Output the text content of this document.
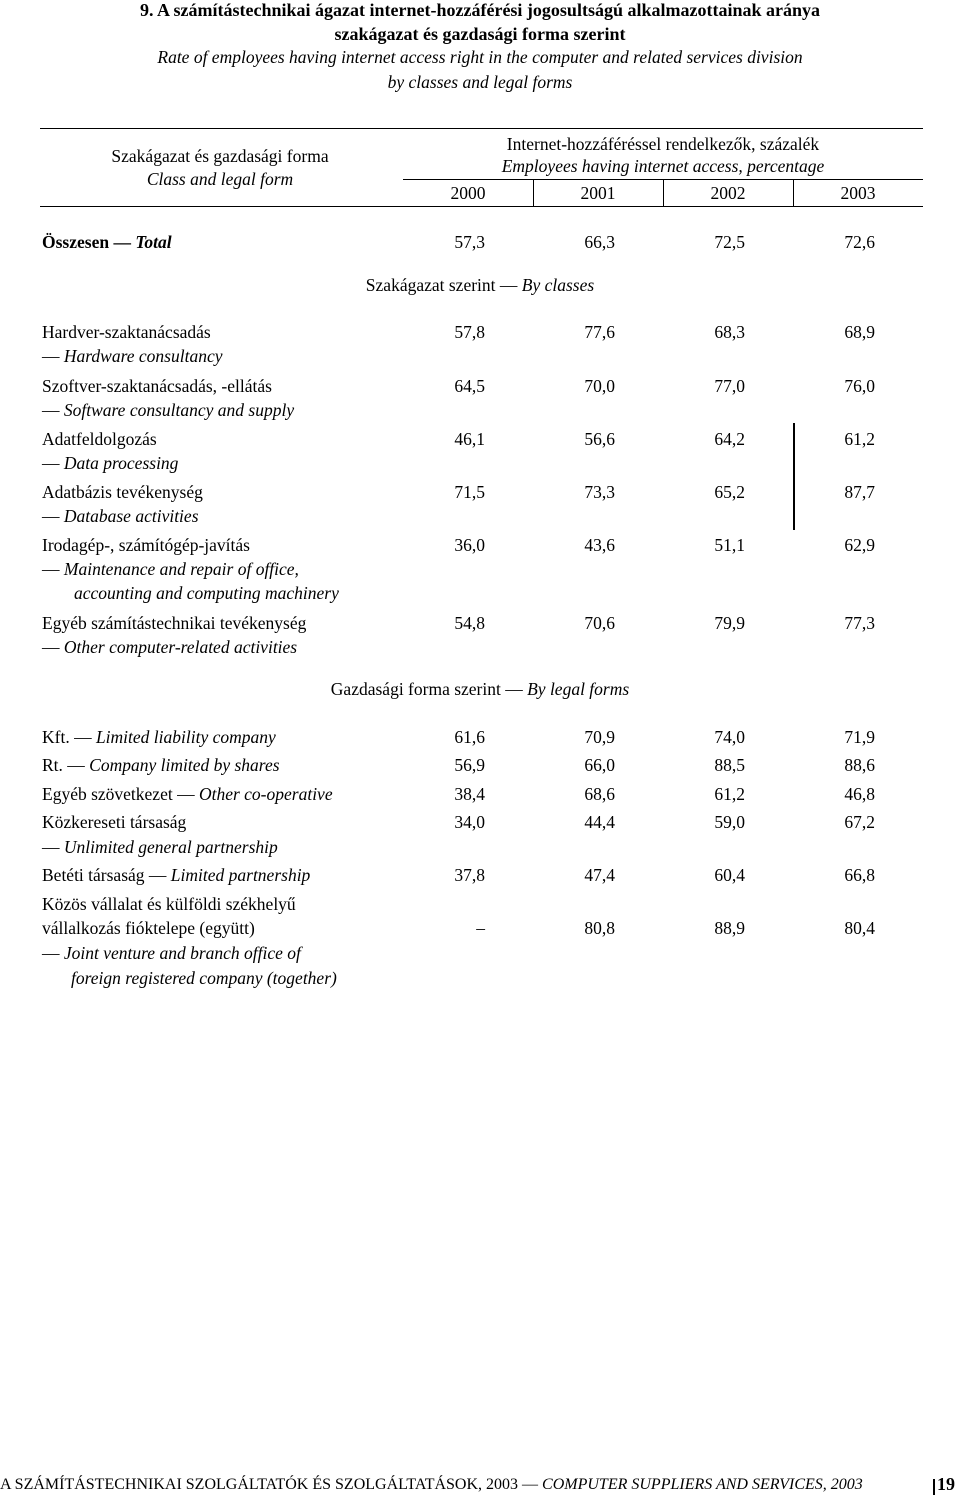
9. A számítástechnikai ágazat internet-hozzáférési jogosultságú alkalmazottainak aránya
szakágazat és gazdasági forma szerint
Rate of employees having internet access right in the computer and related services division
by classes and legal forms
Szakágazat és gazdasági forma
Class and legal form
Internet-hozzáféréssel rendelkezők, százalék
Employees having internet access, percentage
2000	2001	2002	2003
Összesen — Total	57,3	66,3	72,5	72,6
Szakágazat szerint — By classes
Hardver-szaktanácsadás
— Hardware consultancy
57,8	77,6	68,3	68,9
Szoftver-szaktanácsadás, -ellátás
— Software consultancy and supply
64,5	70,0	77,0	76,0
Adatfeldolgozás
— Data processing
46,1	56,6	64,2	61,2
Adatbázis tevékenység
— Database activities
71,5	73,3	65,2	87,7
Irodagép-, számítógép-javítás
— Maintenance and repair of office,
accounting and computing machinery
36,0	43,6	51,1	62,9
Egyéb számítástechnikai tevékenység
— Other computer-related activities
54,8	70,6	79,9	77,3
Gazdasági forma szerint — By legal forms
Kft. — Limited liability company	61,6	70,9	74,0	71,9
Rt. — Company limited by shares	56,9	66,0	88,5	88,6
Egyéb szövetkezet — Other co-operative	38,4	68,6	61,2	46,8
Közkereseti társaság
— Unlimited general partnership
34,0	44,4	59,0	67,2
Betéti társaság — Limited partnership	37,8	47,4	60,4	66,8
Közös vállalat és külföldi székhelyű
vállalkozás fióktelepe (együtt)
— Joint venture and branch office of
foreign registered company (together)
–	80,8	88,9	80,4
A SZÁMÍTÁSTECHNIKAI SZOLGÁLTATÓK ÉS SZOLGÁLTATÁSOK, 2003 — COMPUTER SUPPLIERS AND SERVICES, 2003	19
